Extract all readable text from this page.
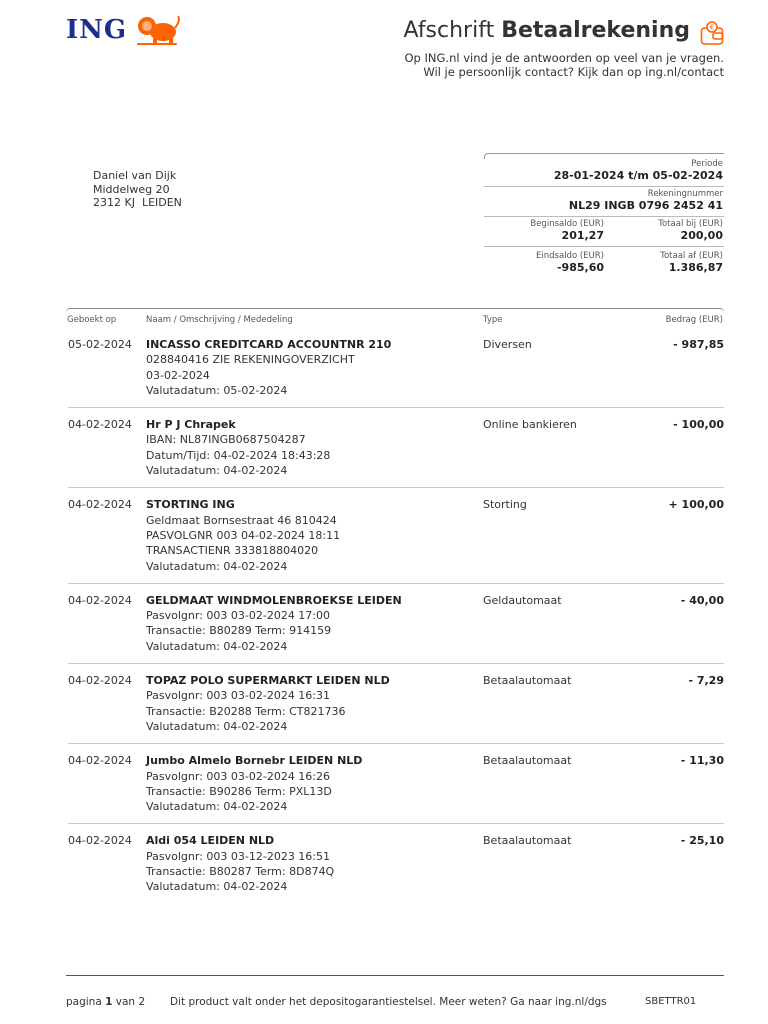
ING	Afschrift Betaalrekening	€
Op ING.nl vind je de antwoorden op veel van je vragen.
Wil je persoonlijk contact? Kijk dan op ing.nl/contact
Daniel van Dijk
Middelweg 20
2312 KJ  LEIDEN
Periode
28-01-2024 t/m 05-02-2024
Rekeningnummer
NL29 INGB 0796 2452 41
Beginsaldo (EUR)
201,27
Totaal bij (EUR)
200,00
Eindsaldo (EUR)
-985,60
Totaal af (EUR)
1.386,87
Geboekt op	Naam / Omschrijving / Mededeling	Type	Bedrag (EUR)
05-02-2024 INCASSO CREDITCARD ACCOUNTNR 210
028840416 ZIE REKENINGOVERZICHT
03-02-2024
Valutadatum: 05-02-2024
Diversen	- 987,85
04-02-2024 Hr P J Chrapek
IBAN: NL87INGB0687504287
Datum/Tijd: 04-02-2024 18:43:28
Valutadatum: 04-02-2024
Online bankieren	- 100,00
04-02-2024 STORTING ING
Geldmaat Bornsestraat 46 810424
PASVOLGNR 003 04-02-2024 18:11
TRANSACTIENR 333818804020
Valutadatum: 04-02-2024
Storting	+ 100,00
04-02-2024 GELDMAAT WINDMOLENBROEKSE LEIDEN
Pasvolgnr: 003 03-02-2024 17:00
Transactie: B80289 Term: 914159
Valutadatum: 04-02-2024
Geldautomaat	- 40,00
04-02-2024 TOPAZ POLO SUPERMARKT LEIDEN NLD
Pasvolgnr: 003 03-02-2024 16:31
Transactie: B20288 Term: CT821736
Valutadatum: 04-02-2024
Betaalautomaat	- 7,29
04-02-2024 Jumbo Almelo Bornebr LEIDEN NLD
Pasvolgnr: 003 03-02-2024 16:26
Transactie: B90286 Term: PXL13D
Valutadatum: 04-02-2024
Betaalautomaat	- 11,30
04-02-2024 Aldi 054 LEIDEN NLD
Pasvolgnr: 003 03-12-2023 16:51
Transactie: B80287 Term: 8D874Q
Valutadatum: 04-02-2024
Betaalautomaat	- 25,10
pagina 1 van 2 Dit product valt onder het depositogarantiestelsel. Meer weten? Ga naar ing.nl/dgs	SBETTR01
